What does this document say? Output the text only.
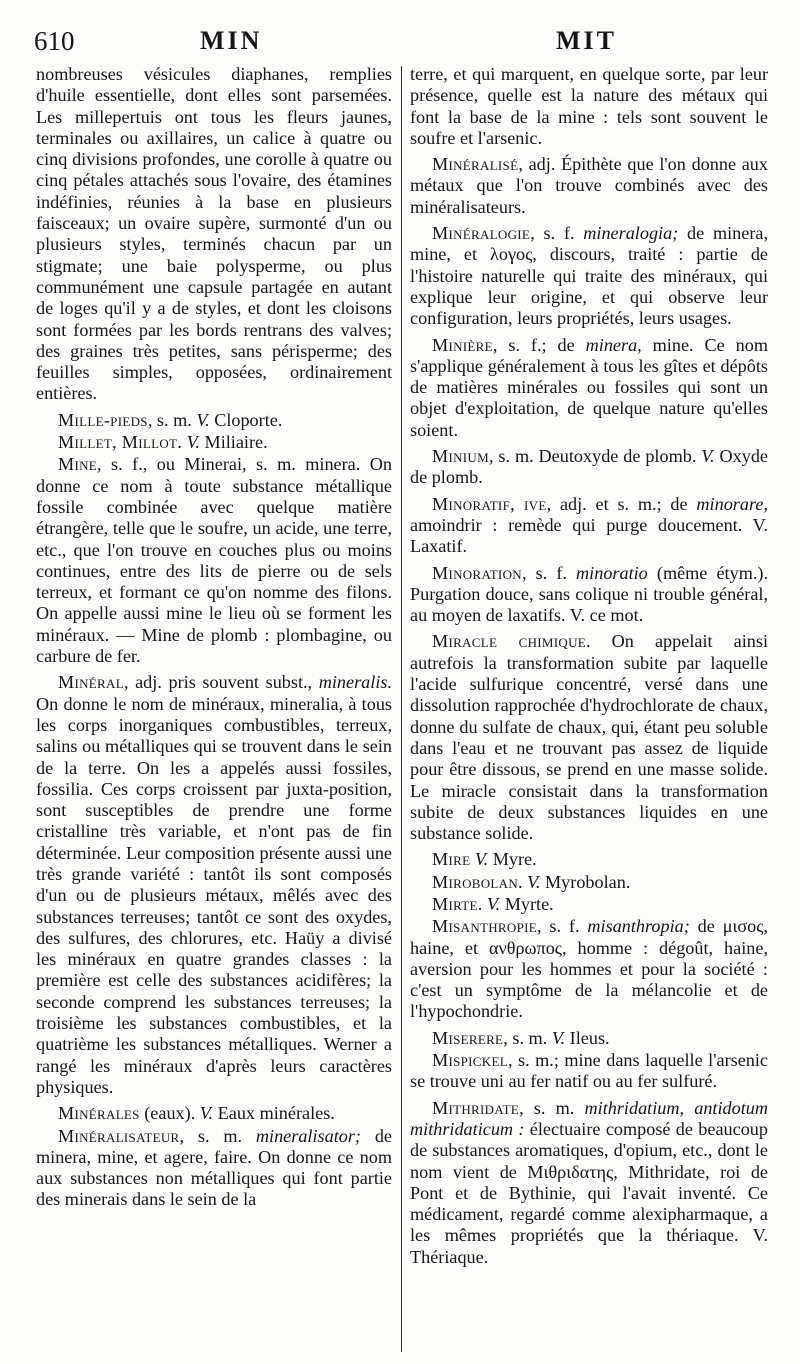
610	MIN	MIT

nombreuses vésicules diaphanes, remplies d'huile essentielle, dont elles sont parsemées. Les millepertuis ont tous les fleurs jaunes, terminales ou axillaires, un calice à quatre ou cinq divisions profondes, une corolle à quatre ou cinq pétales attachés sous l'ovaire, des étamines indéfinies, réunies à la base en plusieurs faisceaux; un ovaire supère, surmonté d'un ou plusieurs styles, terminés chacun par un stigmate; une baie polysperme, ou plus communément une capsule partagée en autant de loges qu'il y a de styles, et dont les cloisons sont formées par les bords rentrans des valves; des graines très petites, sans périsperme; des feuilles simples, opposées, ordinairement entières.

Mille-pieds, s. m. V. Cloporte.

Millet, Millot. V. Miliaire.

Mine, s. f., ou Minerai, s. m. minera. On donne ce nom à toute substance métallique fossile combinée avec quelque matière étrangère, telle que le soufre, un acide, une terre, etc., que l'on trouve en couches plus ou moins continues, entre des lits de pierre ou de sels terreux, et formant ce qu'on nomme des filons. On appelle aussi mine le lieu où se forment les minéraux. — Mine de plomb : plombagine, ou carbure de fer.

Minéral, adj. pris souvent subst., mineralis. On donne le nom de minéraux, mineralia, à tous les corps inorganiques combustibles, terreux, salins ou métalliques qui se trouvent dans le sein de la terre. On les a appelés aussi fossiles, fossilia. Ces corps croissent par juxta-position, sont susceptibles de prendre une forme cristalline très variable, et n'ont pas de fin déterminée. Leur composition présente aussi une très grande variété : tantôt ils sont composés d'un ou de plusieurs métaux, mêlés avec des substances terreuses; tantôt ce sont des oxydes, des sulfures, des chlorures, etc. Haüy a divisé les minéraux en quatre grandes classes : la première est celle des substances acidifères; la seconde comprend les substances terreuses; la troisième les substances combustibles, et la quatrième les substances métalliques. Werner a rangé les minéraux d'après leurs caractères physiques.

Minérales (eaux). V. Eaux minérales.

Minéralisateur, s. m. mineralisator; de minera, mine, et agere, faire. On donne ce nom aux substances non métalliques qui font partie des minerais dans le sein de la

terre, et qui marquent, en quelque sorte, par leur présence, quelle est la nature des métaux qui font la base de la mine : tels sont souvent le soufre et l'arsenic.

Minéralisé, adj. Épithète que l'on donne aux métaux que l'on trouve combinés avec des minéralisateurs.

Minéralogie, s. f. mineralogia; de minera, mine, et λογος, discours, traité : partie de l'histoire naturelle qui traite des minéraux, qui explique leur origine, et qui observe leur configuration, leurs propriétés, leurs usages.

Minière, s. f.; de minera, mine. Ce nom s'applique généralement à tous les gîtes et dépôts de matières minérales ou fossiles qui sont un objet d'exploitation, de quelque nature qu'elles soient.

Minium, s. m. Deutoxyde de plomb. V. Oxyde de plomb.

Minoratif, ive, adj. et s. m.; de minorare, amoindrir : remède qui purge doucement. V. Laxatif.

Minoration, s. f. minoratio (même étym.). Purgation douce, sans colique ni trouble général, au moyen de laxatifs. V. ce mot.

Miracle chimique. On appelait ainsi autrefois la transformation subite par laquelle l'acide sulfurique concentré, versé dans une dissolution rapprochée d'hydrochlorate de chaux, donne du sulfate de chaux, qui, étant peu soluble dans l'eau et ne trouvant pas assez de liquide pour être dissous, se prend en une masse solide. Le miracle consistait dans la transformation subite de deux substances liquides en une substance solide.

Mire V. Myre.

Mirobolan. V. Myrobolan.

Mirte. V. Myrte.

Misanthropie, s. f. misanthropia; de μισος, haine, et ανθρωπος, homme : dégoût, haine, aversion pour les hommes et pour la société : c'est un symptôme de la mélancolie et de l'hypochondrie.

Miserere, s. m. V. Ileus.

Mispickel, s. m.; mine dans laquelle l'arsenic se trouve uni au fer natif ou au fer sulfuré.

Mithridate, s. m. mithridatium, antidotum mithridaticum : électuaire composé de beaucoup de substances aromatiques, d'opium, etc., dont le nom vient de Μιθριδατης, Mithridate, roi de Pont et de Bythinie, qui l'avait inventé. Ce médicament, regardé comme alexipharmaque, a les mêmes propriétés que la thériaque. V. Thériaque.
